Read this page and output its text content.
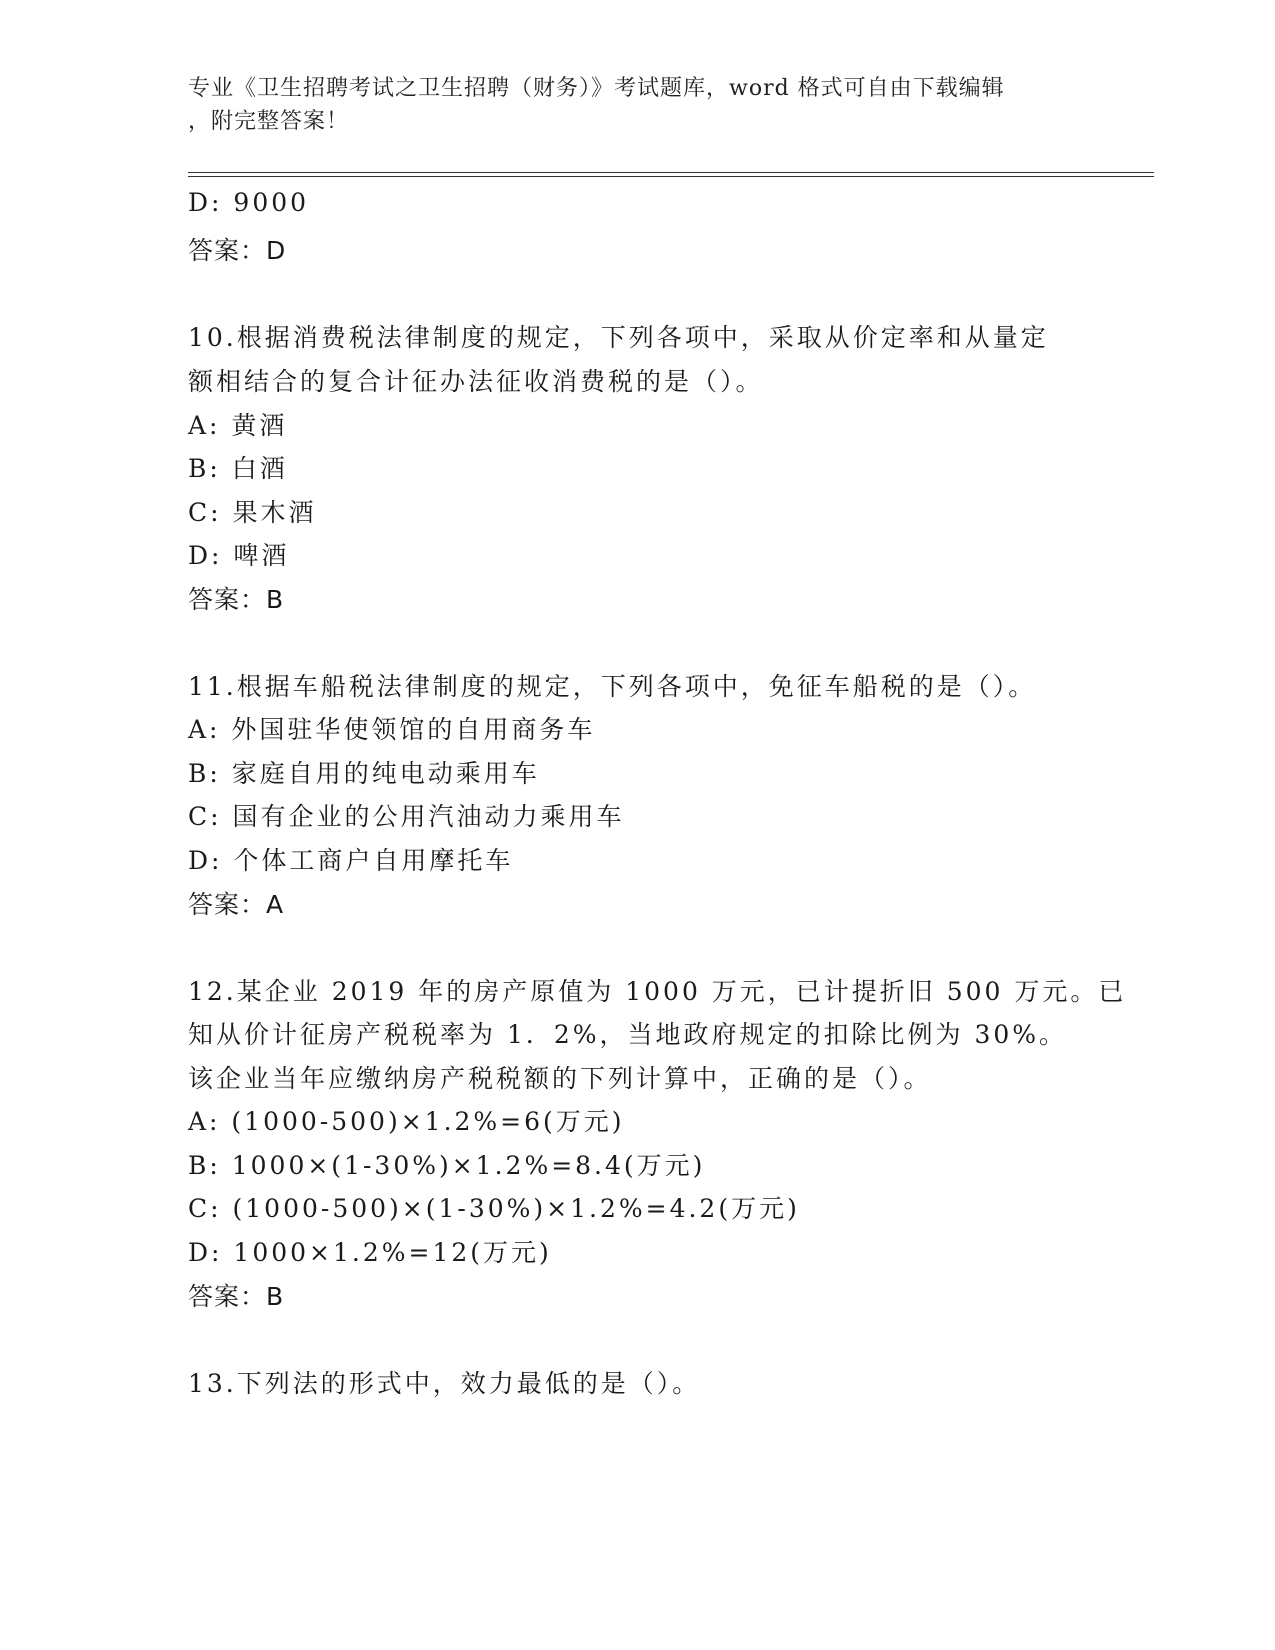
专业《卫生招聘考试之卫生招聘（财务）》考试题库，word 格式可自由下载编辑
，附完整答案！
D: 9000
答案：D
10.根据消费税法律制度的规定，下列各项中，采取从价定率和从量定
额相结合的复合计征办法征收消费税的是（）。
A: 黄酒
B: 白酒
C: 果木酒
D: 啤酒
答案：B
11.根据车船税法律制度的规定，下列各项中，免征车船税的是（）。
A: 外国驻华使领馆的自用商务车
B: 家庭自用的纯电动乘用车
C: 国有企业的公用汽油动力乘用车
D: 个体工商户自用摩托车
答案：A
12.某企业 2019 年的房产原值为 1000 万元，已计提折旧 500 万元。已
知从价计征房产税税率为 1．2%，当地政府规定的扣除比例为 30%。
该企业当年应缴纳房产税税额的下列计算中，正确的是（）。
A: (1000-500)×1.2%=6(万元)
B: 1000×(1-30%)×1.2%=8.4(万元)
C: (1000-500)×(1-30%)×1.2%=4.2(万元)
D: 1000×1.2%=12(万元)
答案：B
13.下列法的形式中，效力最低的是（）。
